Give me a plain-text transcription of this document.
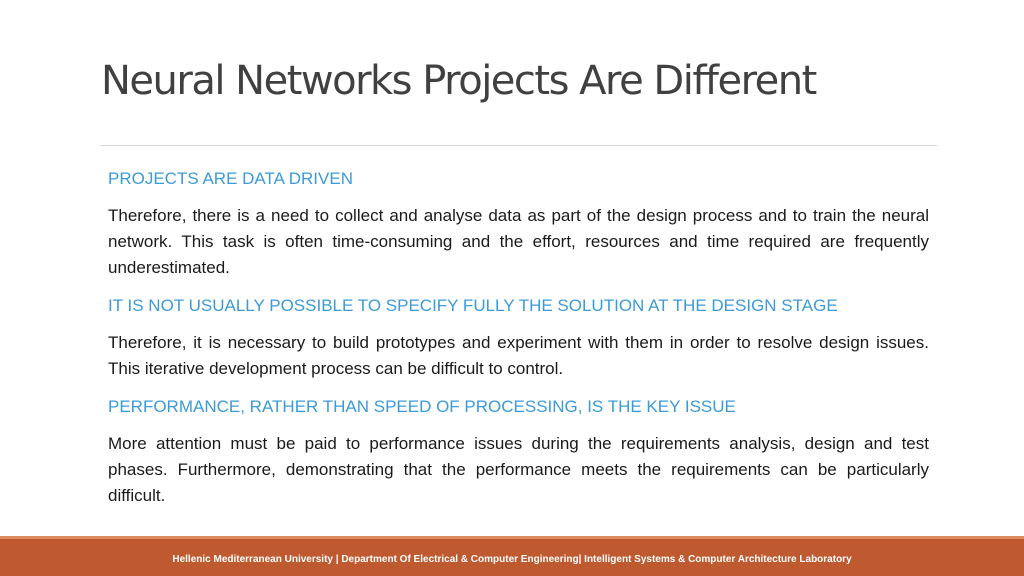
Neural Networks Projects Are Different
PROJECTS ARE DATA DRIVEN
Therefore, there is a need to collect and analyse data as part of the design process and to train the neural network. This task is often time-consuming and the effort, resources and time required are frequently underestimated.
IT IS NOT USUALLY POSSIBLE TO SPECIFY FULLY THE SOLUTION AT THE DESIGN STAGE
Therefore, it is necessary to build prototypes and experiment with them in order to resolve design issues. This iterative development process can be difficult to control.
PERFORMANCE, RATHER THAN SPEED OF PROCESSING, IS THE KEY ISSUE
More attention must be paid to performance issues during the requirements analysis, design and test phases. Furthermore, demonstrating that the performance meets the requirements can be particularly difficult.
Hellenic Mediterranean University | Department Of Electrical & Computer Engineering| Intelligent Systems & Computer Architecture Laboratory
